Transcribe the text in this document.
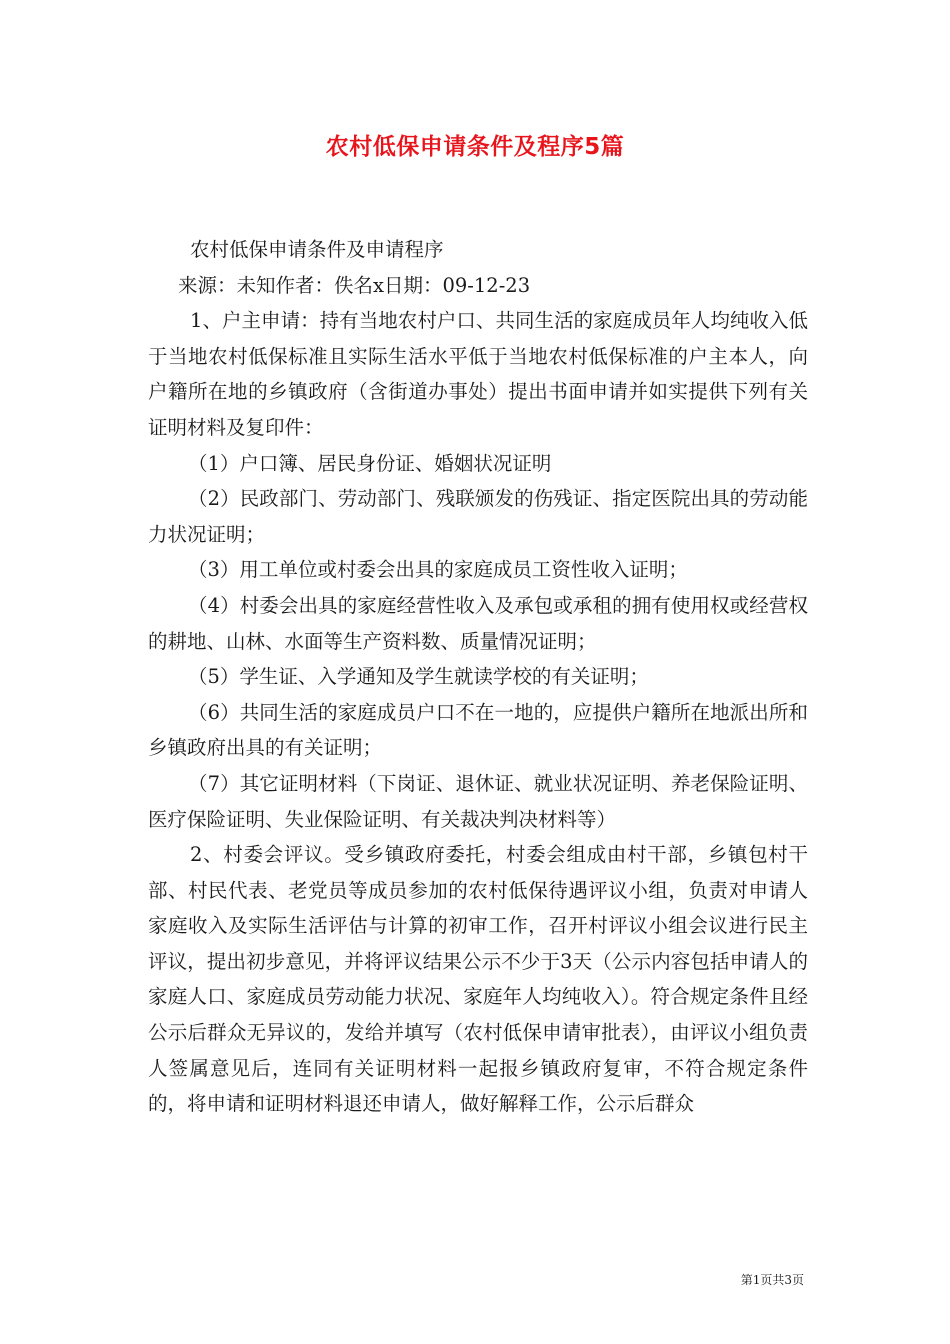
农村低保申请条件及程序5篇

农村低保申请条件及申请程序

来源：未知作者：佚名x日期：09-12-23

1、户主申请：持有当地农村户口、共同生活的家庭成员年人均纯收入低于当地农村低保标准且实际生活水平低于当地农村低保标准的户主本人，向户籍所在地的乡镇政府（含街道办事处）提出书面申请并如实提供下列有关证明材料及复印件：

（1）户口簿、居民身份证、婚姻状况证明

（2）民政部门、劳动部门、残联颁发的伤残证、指定医院出具的劳动能力状况证明；

（3）用工单位或村委会出具的家庭成员工资性收入证明；

（4）村委会出具的家庭经营性收入及承包或承租的拥有使用权或经营权的耕地、山林、水面等生产资料数、质量情况证明；

（5）学生证、入学通知及学生就读学校的有关证明；

（6）共同生活的家庭成员户口不在一地的，应提供户籍所在地派出所和乡镇政府出具的有关证明；

（7）其它证明材料（下岗证、退休证、就业状况证明、养老保险证明、医疗保险证明、失业保险证明、有关裁决判决材料等）

2、村委会评议。受乡镇政府委托，村委会组成由村干部，乡镇包村干部、村民代表、老党员等成员参加的农村低保待遇评议小组，负责对申请人家庭收入及实际生活评估与计算的初审工作，召开村评议小组会议进行民主评议，提出初步意见，并将评议结果公示不少于3天（公示内容包括申请人的家庭人口、家庭成员劳动能力状况、家庭年人均纯收入）。符合规定条件且经公示后群众无异议的，发给并填写（农村低保申请审批表），由评议小组负责人签属意见后，连同有关证明材料一起报乡镇政府复审，不符合规定条件的，将申请和证明材料退还申请人，做好解释工作，公示后群众

第1页共3页
